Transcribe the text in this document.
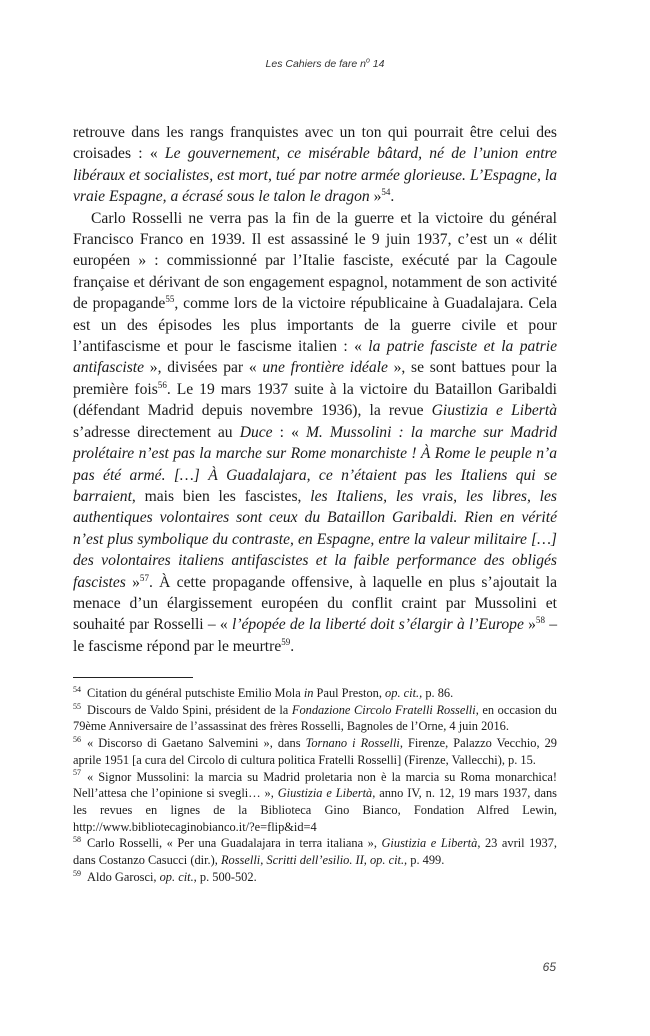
Les Cahiers de fare $n^o$ 14

retrouve dans les rangs franquistes avec un ton qui pourrait être celui des croisades : « Le gouvernement, ce misérable bâtard, né de l’union entre libéraux et socialistes, est mort, tué par notre armée glorieuse. L’Espagne, la vraie Espagne, a écrasé sous le talon le dragon »$^{54}$.

Carlo Rosselli ne verra pas la fin de la guerre et la victoire du général Francisco Franco en 1939. Il est assassiné le 9 juin 1937, c’est un « délit européen » : commissionné par l’Italie fasciste, exécuté par la Cagoule française et dérivant de son engagement espagnol, notamment de son activité de propagande$^{55}$, comme lors de la victoire républicaine à Guadalajara. Cela est un des épisodes les plus importants de la guerre civile et pour l’antifascisme et pour le fascisme italien : « la patrie fasciste et la patrie antifasciste », divisées par « une frontière idéale », se sont battues pour la première fois$^{56}$. Le 19 mars 1937 suite à la victoire du Bataillon Garibaldi (défendant Madrid depuis novembre 1936), la revue Giustizia e Libertà s’adresse directement au Duce : « M. Mussolini : la marche sur Madrid prolétaire n’est pas la marche sur Rome monarchiste ! À Rome le peuple n’a pas été armé. […] À Guadalajara, ce n’étaient pas les Italiens qui se barraient, mais bien les fascistes, les Italiens, les vrais, les libres, les authentiques volontaires sont ceux du Bataillon Garibaldi. Rien en vérité n’est plus symbolique du contraste, en Espagne, entre la valeur militaire […] des volontaires italiens antifascistes et la faible performance des obligés fascistes »$^{57}$. À cette propagande offensive, à laquelle en plus s’ajoutait la menace d’un élargissement européen du conflit craint par Mussolini et souhaité par Rosselli – « l’épopée de la liberté doit s’élargir à l’Europe »$^{58}$ – le fascisme répond par le meurtre$^{59}$.

$^{54}$ Citation du général putschiste Emilio Mola in Paul Preston, op. cit., p. 86.

$^{55}$ Discours de Valdo Spini, président de la Fondazione Circolo Fratelli Rosselli, en occasion du 79ème Anniversaire de l’assassinat des frères Rosselli, Bagnoles de l’Orne, 4 juin 2016.

$^{56}$ « Discorso di Gaetano Salvemini », dans Tornano i Rosselli, Firenze, Palazzo Vecchio, 29 aprile 1951 [a cura del Circolo di cultura politica Fratelli Rosselli] (Firenze, Vallecchi), p. 15.

$^{57}$ « Signor Mussolini: la marcia su Madrid proletaria non è la marcia su Roma monarchica! Nell’attesa che l’opinione si svegli… », Giustizia e Libertà, anno IV, n. 12, 19 mars 1937, dans les revues en lignes de la Biblioteca Gino Bianco, Fondation Alfred Lewin, http://www.bibliotecaginobianco.it/?e=flip&id=4

$^{58}$ Carlo Rosselli, « Per una Guadalajara in terra italiana », Giustizia e Libertà, 23 avril 1937, dans Costanzo Casucci (dir.), Rosselli, Scritti dell’esilio. II, op. cit., p. 499.

$^{59}$ Aldo Garosci, op. cit., p. 500-502.

65
